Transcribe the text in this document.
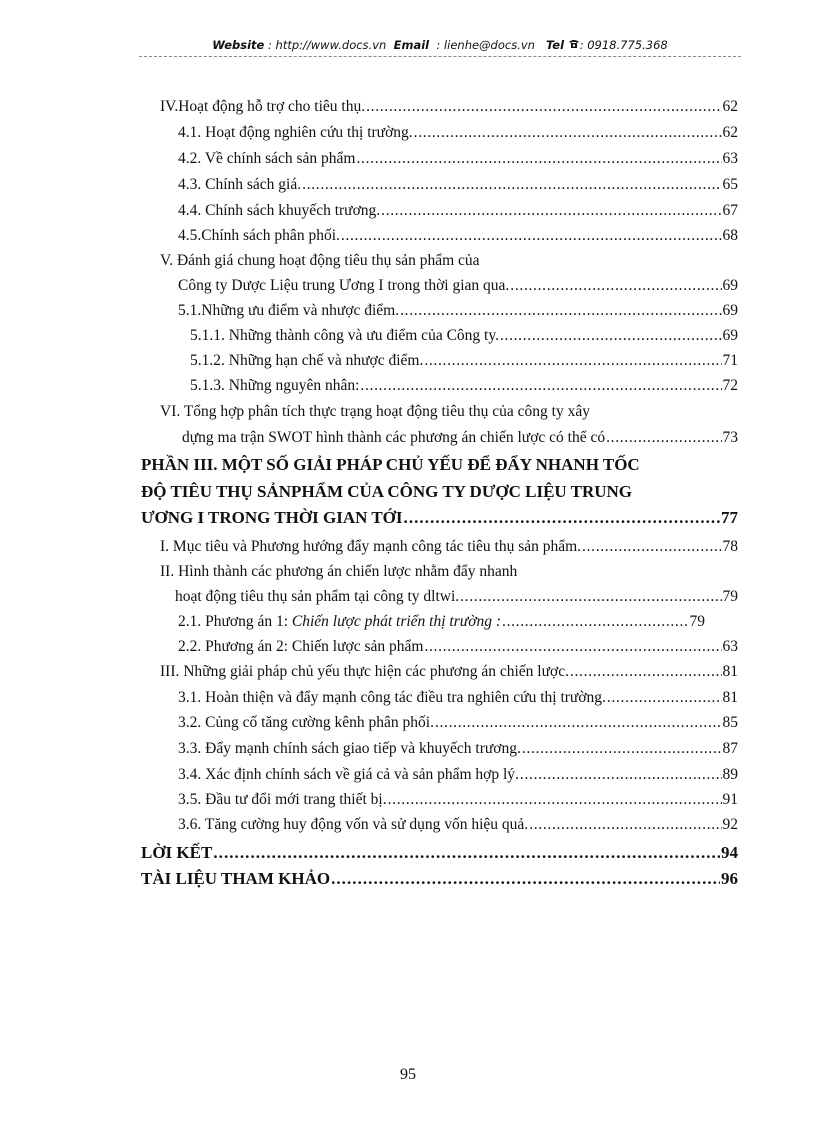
Website : http://www.docs.vn Email : lienhe@docs.vn Tel : 0918.775.368
IV.Hoạt động hỗ trợ cho tiêu thụ. . . .	62
4.1. Hoạt động nghiên cứu thị trường. . . .	62
4.2. Về chính sách sản phẩm . . .	63
4.3. Chính sách giá. . . .	65
4.4. Chính sách khuyếch trương. . . .	67
4.5.Chính sách phân phối. . . .	68
V. Đánh giá chung hoạt động tiêu thụ sản phẩm của
Công ty Dược Liệu trung Ương I trong thời gian qua. . . .	69
5.1.Những ưu điểm và nhược điểm. . . .	69
5.1.1. Những thành công và ưu điểm của Công ty. . . .	69
5.1.2. Những hạn chế và nhược điểm. . . .	71
5.1.3. Những nguyên nhân: . . .	72
VI. Tổng hợp phân tích thực trạng hoạt động tiêu thụ của công ty xây
dựng ma trận SWOT hình thành các phương án chiến lược có thể có . . .	73
PHẦN III. MỘT SỐ GIẢI PHÁP CHỦ YẾU ĐỂ ĐẨY NHANH TỐC
ĐỘ TIÊU THỤ SẢNPHẨM CỦA CÔNG TY DƯỢC LIỆU TRUNG
ƯƠNG I TRONG THỜI GIAN TỚI . . .	77
I. Mục tiêu và Phương hướng đẩy mạnh công tác tiêu thụ sản phẩm. . . .	78
II. Hình thành các phương án chiến lược nhằm đẩy nhanh
hoạt động tiêu thụ sản phẩm tại công ty dltwi. . . .	79
2.1. Phương án 1: Chiến lược phát triển thị trường : . . .	79
2.2. Phương án 2: Chiến lược sản phẩm . . .	63
III. Những giải pháp chủ yếu thực hiện các phương án chiến lược. . . .	81
3.1. Hoàn thiện và đẩy mạnh công tác điều tra nghiên cứu thị trường. . . .	81
3.2. Củng cố tăng cường kênh phân phối. . . .	85
3.3. Đẩy mạnh chính sách giao tiếp và khuyếch trương. . . .	87
3.4. Xác định chính sách về giá cả và sản phẩm hợp lý. . . .	89
3.5. Đầu tư đổi mới trang thiết bị. . . .	91
3.6. Tăng cường huy động vốn và sử dụng vốn hiệu quả. . . .	92
LỜI KẾT . . .	94
TÀI LIỆU THAM KHẢO . . .	96
95
